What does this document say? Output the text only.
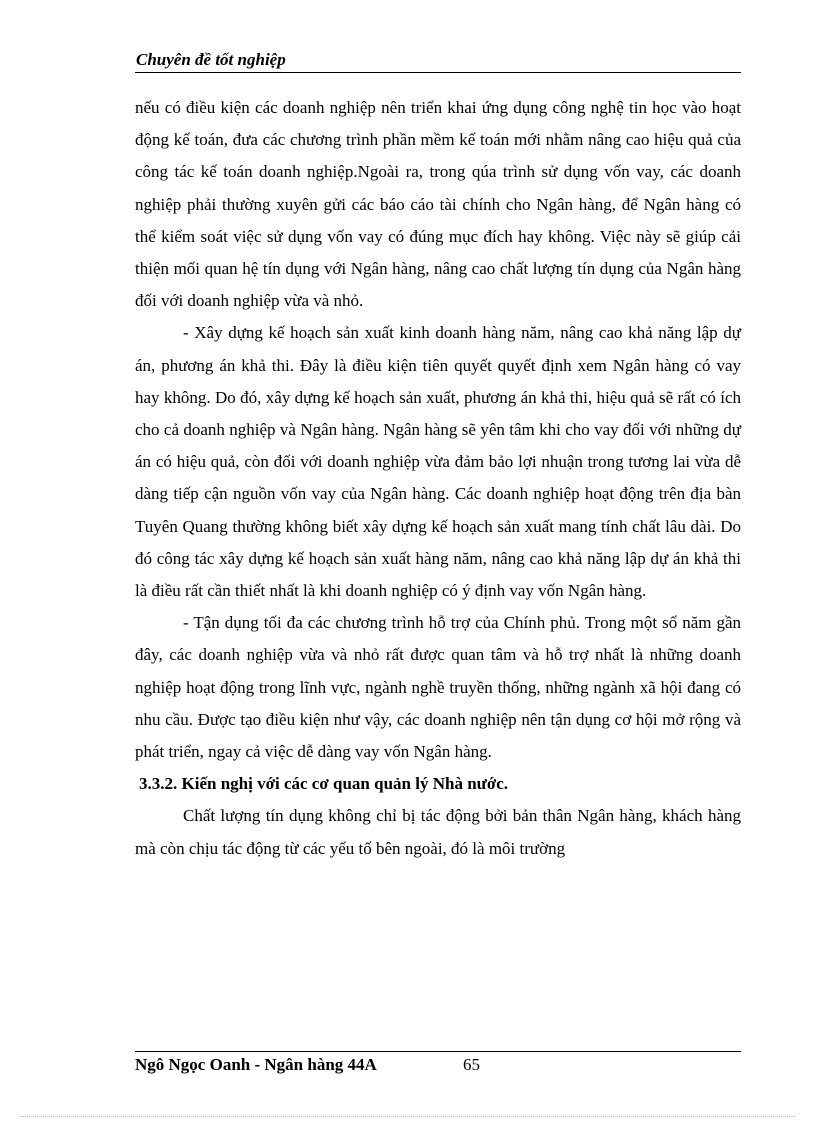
Chuyên đề tốt nghiệp

nếu có điều kiện các doanh nghiệp nên triển khai ứng dụng công nghệ tin học vào hoạt động kế toán, đưa các chương trình phần mềm kế toán mới nhằm nâng cao hiệu quả của công tác kế toán doanh nghiệp.Ngoài ra, trong qúa trình sử dụng vốn vay, các doanh nghiệp phải thường xuyên gửi các báo cáo tài chính cho Ngân hàng, để Ngân hàng có thể kiểm soát việc sử dụng vốn vay có đúng mục đích hay không. Việc này sẽ giúp cải thiện mối quan hệ tín dụng với Ngân hàng, nâng cao chất lượng tín dụng của Ngân hàng đối với doanh nghiệp vừa và nhỏ.

- Xây dựng kế hoạch sản xuất kinh doanh hàng năm, nâng cao khả năng lập dự án, phương án khả thi. Đây là điều kiện tiên quyết quyết định xem Ngân hàng có vay hay không. Do đó, xây dựng kế hoạch sản xuất, phương án khả thi, hiệu quả sẽ rất có ích cho cả doanh nghiệp và Ngân hàng. Ngân hàng sẽ yên tâm khi cho vay đối với những dự án có hiệu quả, còn đối với doanh nghiệp vừa đảm bảo lợi nhuận trong tương lai vừa dễ dàng tiếp cận nguồn vốn vay của Ngân hàng. Các doanh nghiệp hoạt động trên địa bàn Tuyên Quang thường không biết xây dựng kế hoạch sản xuất mang tính chất lâu dài. Do đó công tác xây dựng kế hoạch sản xuất hàng năm, nâng cao khả năng lập dự án khả thi là điều rất cần thiết nhất là khi doanh nghiệp có ý định vay vốn Ngân hàng.

- Tận dụng tối đa các chương trình hỗ trợ của Chính phủ. Trong một số năm gần đây, các doanh nghiệp vừa và nhỏ rất được quan tâm và hỗ trợ nhất là những doanh nghiệp hoạt động trong lĩnh vực, ngành nghề truyền thống, những ngành xã hội đang có nhu cầu. Được tạo điều kiện như vậy, các doanh nghiệp nên tận dụng cơ hội mở rộng và phát triển, ngay cả việc dễ dàng vay vốn Ngân hàng.

3.3.2. Kiến nghị với các cơ quan quản lý Nhà nước.

Chất lượng tín dụng không chỉ bị tác động bởi bản thân Ngân hàng, khách hàng mà còn chịu tác động từ các yếu tố bên ngoài, đó là môi trường

Ngô Ngọc Oanh - Ngân hàng 44A	65
